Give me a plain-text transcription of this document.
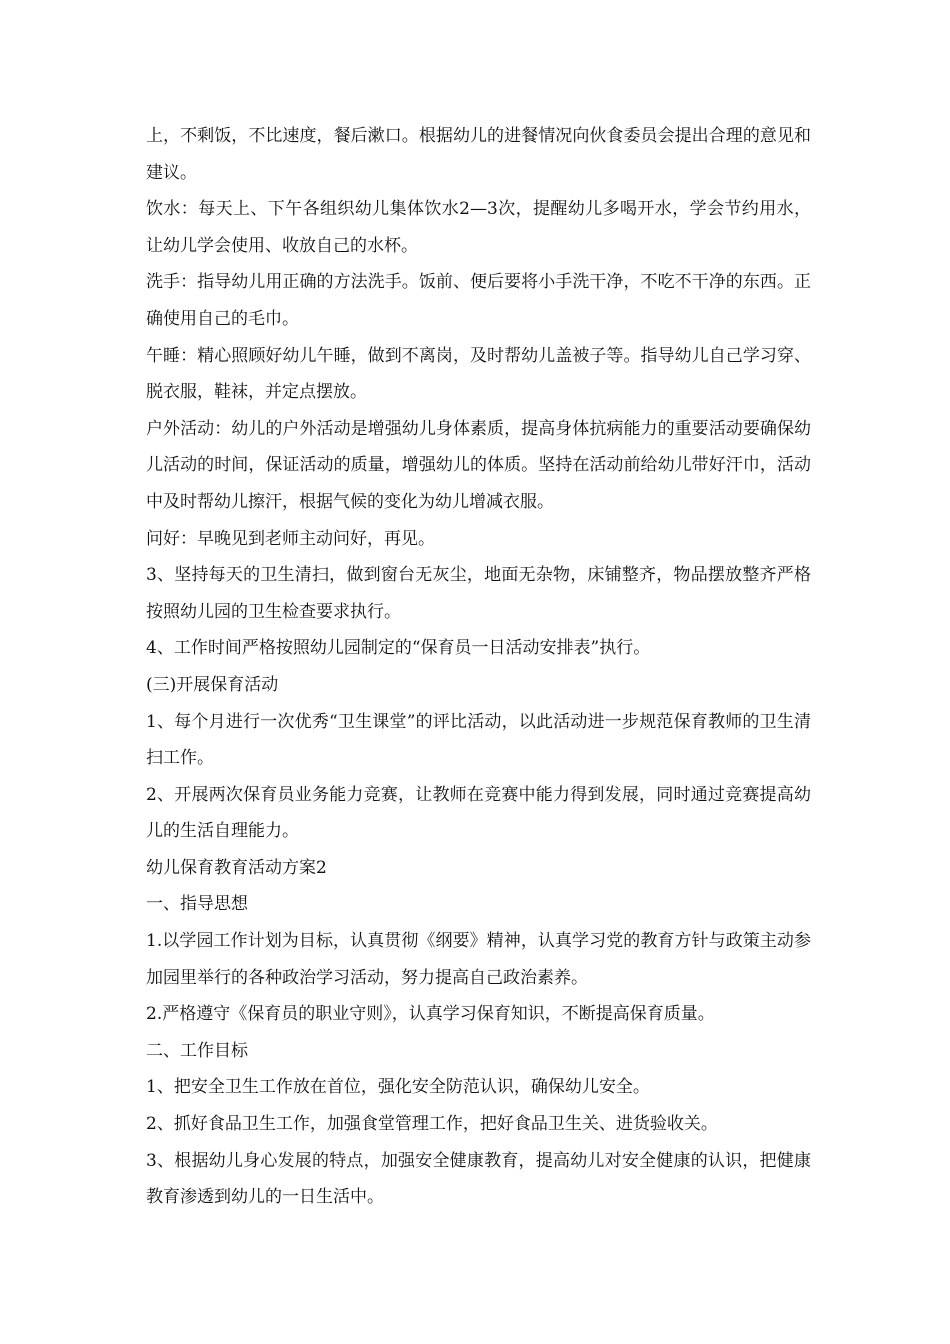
上，不剩饭，不比速度，餐后漱口。根据幼儿的进餐情况向伙食委员会提出合理的意见和建议。

饮水：每天上、下午各组织幼儿集体饮水2—3次，提醒幼儿多喝开水，学会节约用水，让幼儿学会使用、收放自己的水杯。

洗手：指导幼儿用正确的方法洗手。饭前、便后要将小手洗干净，不吃不干净的东西。正确使用自己的毛巾。

午睡：精心照顾好幼儿午睡，做到不离岗，及时帮幼儿盖被子等。指导幼儿自己学习穿、脱衣服，鞋袜，并定点摆放。

户外活动：幼儿的户外活动是增强幼儿身体素质，提高身体抗病能力的重要活动要确保幼儿活动的时间，保证活动的质量，增强幼儿的体质。坚持在活动前给幼儿带好汗巾，活动中及时帮幼儿擦汗，根据气候的变化为幼儿增减衣服。

问好：早晚见到老师主动问好，再见。

3、坚持每天的卫生清扫，做到窗台无灰尘，地面无杂物，床铺整齐，物品摆放整齐严格按照幼儿园的卫生检查要求执行。

4、工作时间严格按照幼儿园制定的“保育员一日活动安排表”执行。

(三)开展保育活动

1、每个月进行一次优秀“卫生课堂”的评比活动，以此活动进一步规范保育教师的卫生清扫工作。

2、开展两次保育员业务能力竞赛，让教师在竞赛中能力得到发展，同时通过竞赛提高幼儿的生活自理能力。

幼儿保育教育活动方案2

一、指导思想

1.以学园工作计划为目标，认真贯彻《纲要》精神，认真学习党的教育方针与政策主动参加园里举行的各种政治学习活动，努力提高自己政治素养。

2.严格遵守《保育员的职业守则》，认真学习保育知识，不断提高保育质量。

二、工作目标

1、把安全卫生工作放在首位，强化安全防范认识，确保幼儿安全。

2、抓好食品卫生工作，加强食堂管理工作，把好食品卫生关、进货验收关。

3、根据幼儿身心发展的特点，加强安全健康教育，提高幼儿对安全健康的认识，把健康教育渗透到幼儿的一日生活中。
